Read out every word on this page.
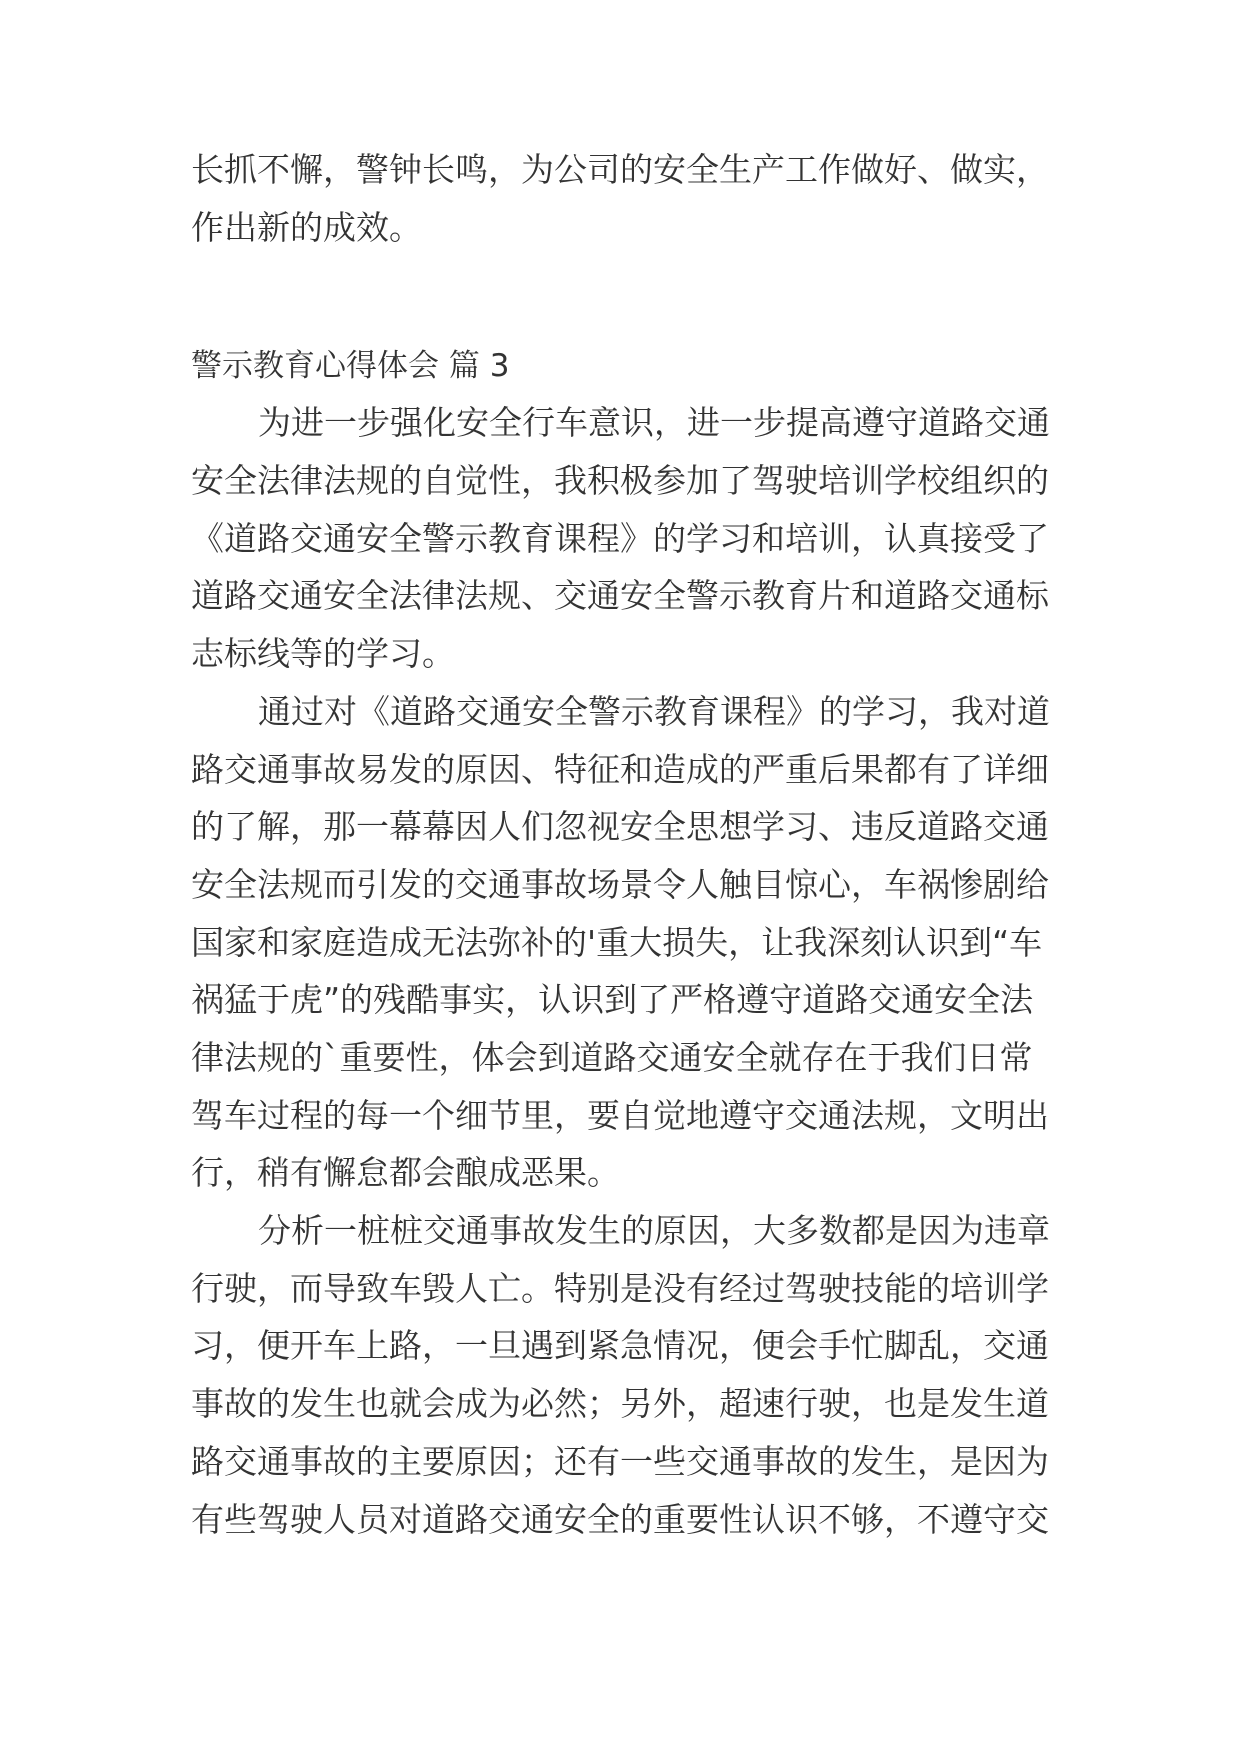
长抓不懈，警钟长鸣，为公司的安全生产工作做好、做实，
作出新的成效。
警示教育心得体会 篇 3
为进一步强化安全行车意识，进一步提高遵守道路交通
安全法律法规的自觉性，我积极参加了驾驶培训学校组织的
《道路交通安全警示教育课程》的学习和培训，认真接受了
道路交通安全法律法规、交通安全警示教育片和道路交通标
志标线等的学习。
通过对《道路交通安全警示教育课程》的学习，我对道
路交通事故易发的原因、特征和造成的严重后果都有了详细
的了解，那一幕幕因人们忽视安全思想学习、违反道路交通
安全法规而引发的交通事故场景令人触目惊心，车祸惨剧给
国家和家庭造成无法弥补的'重大损失，让我深刻认识到“车
祸猛于虎”的残酷事实，认识到了严格遵守道路交通安全法
律法规的`重要性，体会到道路交通安全就存在于我们日常
驾车过程的每一个细节里，要自觉地遵守交通法规，文明出
行，稍有懈怠都会酿成恶果。
分析一桩桩交通事故发生的原因，大多数都是因为违章
行驶，而导致车毁人亡。特别是没有经过驾驶技能的培训学
习，便开车上路，一旦遇到紧急情况，便会手忙脚乱，交通
事故的发生也就会成为必然；另外，超速行驶，也是发生道
路交通事故的主要原因；还有一些交通事故的发生，是因为
有些驾驶人员对道路交通安全的重要性认识不够，不遵守交
